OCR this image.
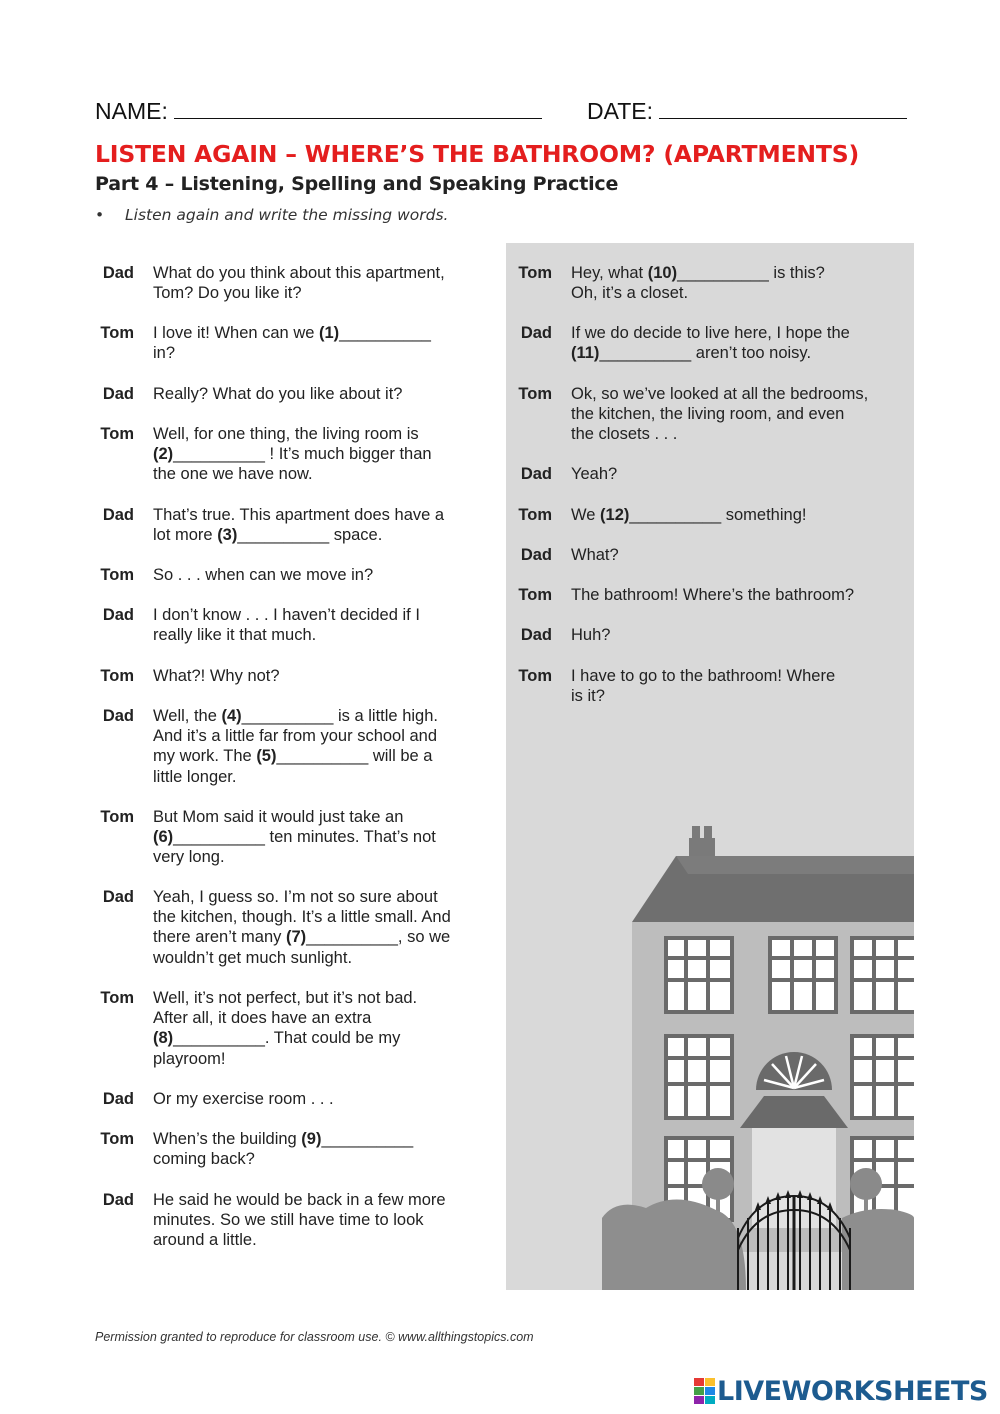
NAME:	DATE:
LISTEN AGAIN – WHERE’S THE BATHROOM? (APARTMENTS)
Part 4 – Listening, Spelling and Speaking Practice
• Listen again and write the missing words.
Dad What do you think about this apartment,
Tom? Do you like it?
Tom I love it! When can we (1)__________
in?
Dad Really? What do you like about it?
Tom Well, for one thing, the living room is
(2)__________ ! It’s much bigger than
the one we have now.
Dad That’s true. This apartment does have a
lot more (3)__________ space.
Tom So . . . when can we move in?
Dad I don’t know . . . I haven’t decided if I
really like it that much.
Tom What?! Why not?
Dad Well, the (4)__________ is a little high.
And it’s a little far from your school and
my work. The (5)__________ will be a
little longer.
Tom But Mom said it would just take an
(6)__________ ten minutes. That’s not
very long.
Dad Yeah, I guess so. I’m not so sure about
the kitchen, though. It’s a little small. And
there aren’t many (7)__________, so we
wouldn’t get much sunlight.
Tom Well, it’s not perfect, but it’s not bad.
After all, it does have an extra
(8)__________. That could be my
playroom!
Dad Or my exercise room . . .
Tom When’s the building (9)__________
coming back?
Dad He said he would be back in a few more
minutes. So we still have time to look
around a little.
Tom Hey, what (10)__________ is this?
Oh, it’s a closet.
Dad If we do decide to live here, I hope the
(11)__________ aren’t too noisy.
Tom Ok, so we’ve looked at all the bedrooms,
the kitchen, the living room, and even
the closets . . .
Dad Yeah?
Tom We (12)__________ something!
Dad What?
Tom The bathroom! Where’s the bathroom?
Dad Huh?
Tom I have to go to the bathroom! Where
is it?
Permission granted to reproduce for classroom use. © www.allthingstopics.com
LIVEWORKSHEETS
